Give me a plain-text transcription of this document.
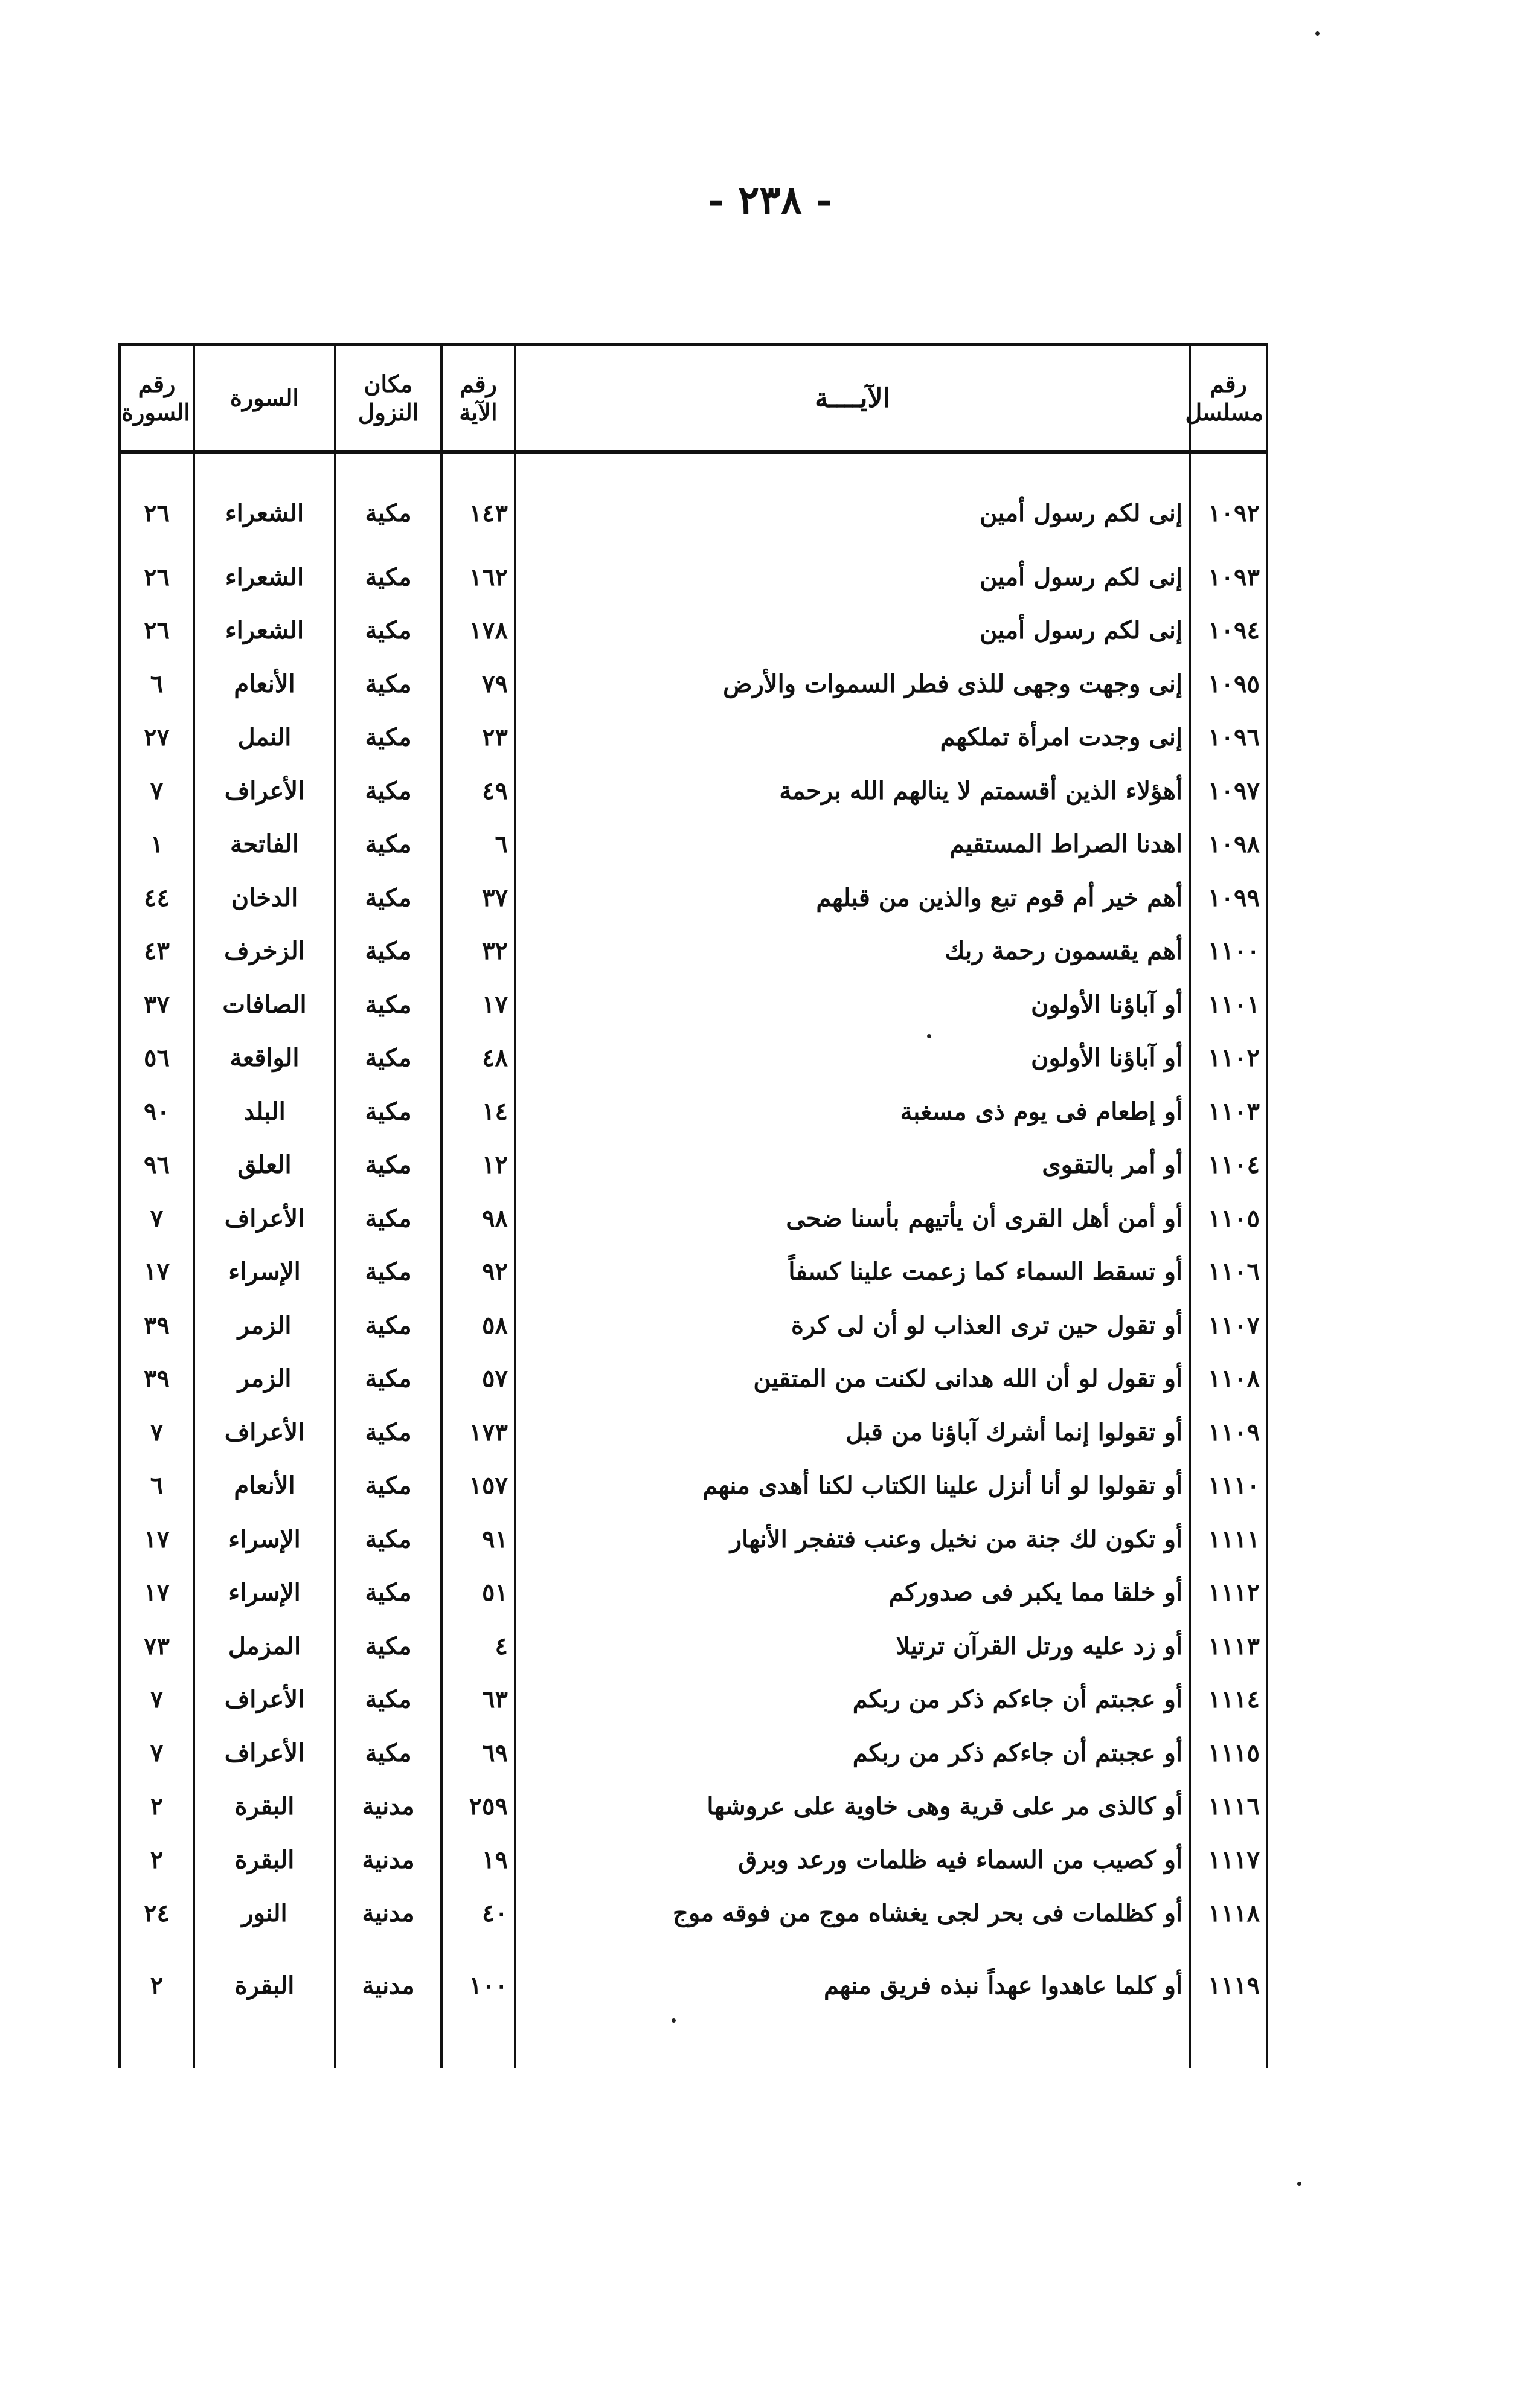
- ٢٣٨ -
رقم مسلسل	الآيــــة	رقم الآية	مكان النزول	السورة	رقم السورة
١٠٩٢	إنى لكم رسول أمين	١٤٣	مكية	الشعراء	٢٦
١٠٩٣	إنى لكم رسول أمين	١٦٢	مكية	الشعراء	٢٦
١٠٩٤	إنى لكم رسول أمين	١٧٨	مكية	الشعراء	٢٦
١٠٩٥	إنى وجهت وجهى للذى فطر السموات والأرض	٧٩	مكية	الأنعام	٦
١٠٩٦	إنى وجدت امرأة تملكهم	٢٣	مكية	النمل	٢٧
١٠٩٧	أهؤلاء الذين أقسمتم لا ينالهم الله برحمة	٤٩	مكية	الأعراف	٧
١٠٩٨	اهدنا الصراط المستقيم	٦	مكية	الفاتحة	١
١٠٩٩	أهم خير أم قوم تبع والذين من قبلهم	٣٧	مكية	الدخان	٤٤
١١٠٠	أهم يقسمون رحمة ربك	٣٢	مكية	الزخرف	٤٣
١١٠١	أو آباؤنا الأولون	١٧	مكية	الصافات	٣٧
١١٠٢	أو آباؤنا الأولون	٤٨	مكية	الواقعة	٥٦
١١٠٣	أو إطعام فى يوم ذى مسغبة	١٤	مكية	البلد	٩٠
١١٠٤	أو أمر بالتقوى	١٢	مكية	العلق	٩٦
١١٠٥	أو أمن أهل القرى أن يأتيهم بأسنا ضحى	٩٨	مكية	الأعراف	٧
١١٠٦	أو تسقط السماء كما زعمت علينا كسفاً	٩٢	مكية	الإسراء	١٧
١١٠٧	أو تقول حين ترى العذاب لو أن لى كرة	٥٨	مكية	الزمر	٣٩
١١٠٨	أو تقول لو أن الله هدانى لكنت من المتقين	٥٧	مكية	الزمر	٣٩
١١٠٩	أو تقولوا إنما أشرك آباؤنا من قبل	١٧٣	مكية	الأعراف	٧
١١١٠	أو تقولوا لو أنا أنزل علينا الكتاب لكنا أهدى منهم	١٥٧	مكية	الأنعام	٦
١١١١	أو تكون لك جنة من نخيل وعنب فتفجر الأنهار	٩١	مكية	الإسراء	١٧
١١١٢	أو خلقا مما يكبر فى صدوركم	٥١	مكية	الإسراء	١٧
١١١٣	أو زد عليه ورتل القرآن ترتيلا	٤	مكية	المزمل	٧٣
١١١٤	أو عجبتم أن جاءكم ذكر من ربكم	٦٣	مكية	الأعراف	٧
١١١٥	أو عجبتم أن جاءكم ذكر من ربكم	٦٩	مكية	الأعراف	٧
١١١٦	أو كالذى مر على قرية وهى خاوية على عروشها	٢٥٩	مدنية	البقرة	٢
١١١٧	أو كصيب من السماء فيه ظلمات ورعد وبرق	١٩	مدنية	البقرة	٢
١١١٨	أو كظلمات فى بحر لجى يغشاه موج من فوقه موج	٤٠	مدنية	النور	٢٤
١١١٩	أو كلما عاهدوا عهداً نبذه فريق منهم	١٠٠	مدنية	البقرة	٢
